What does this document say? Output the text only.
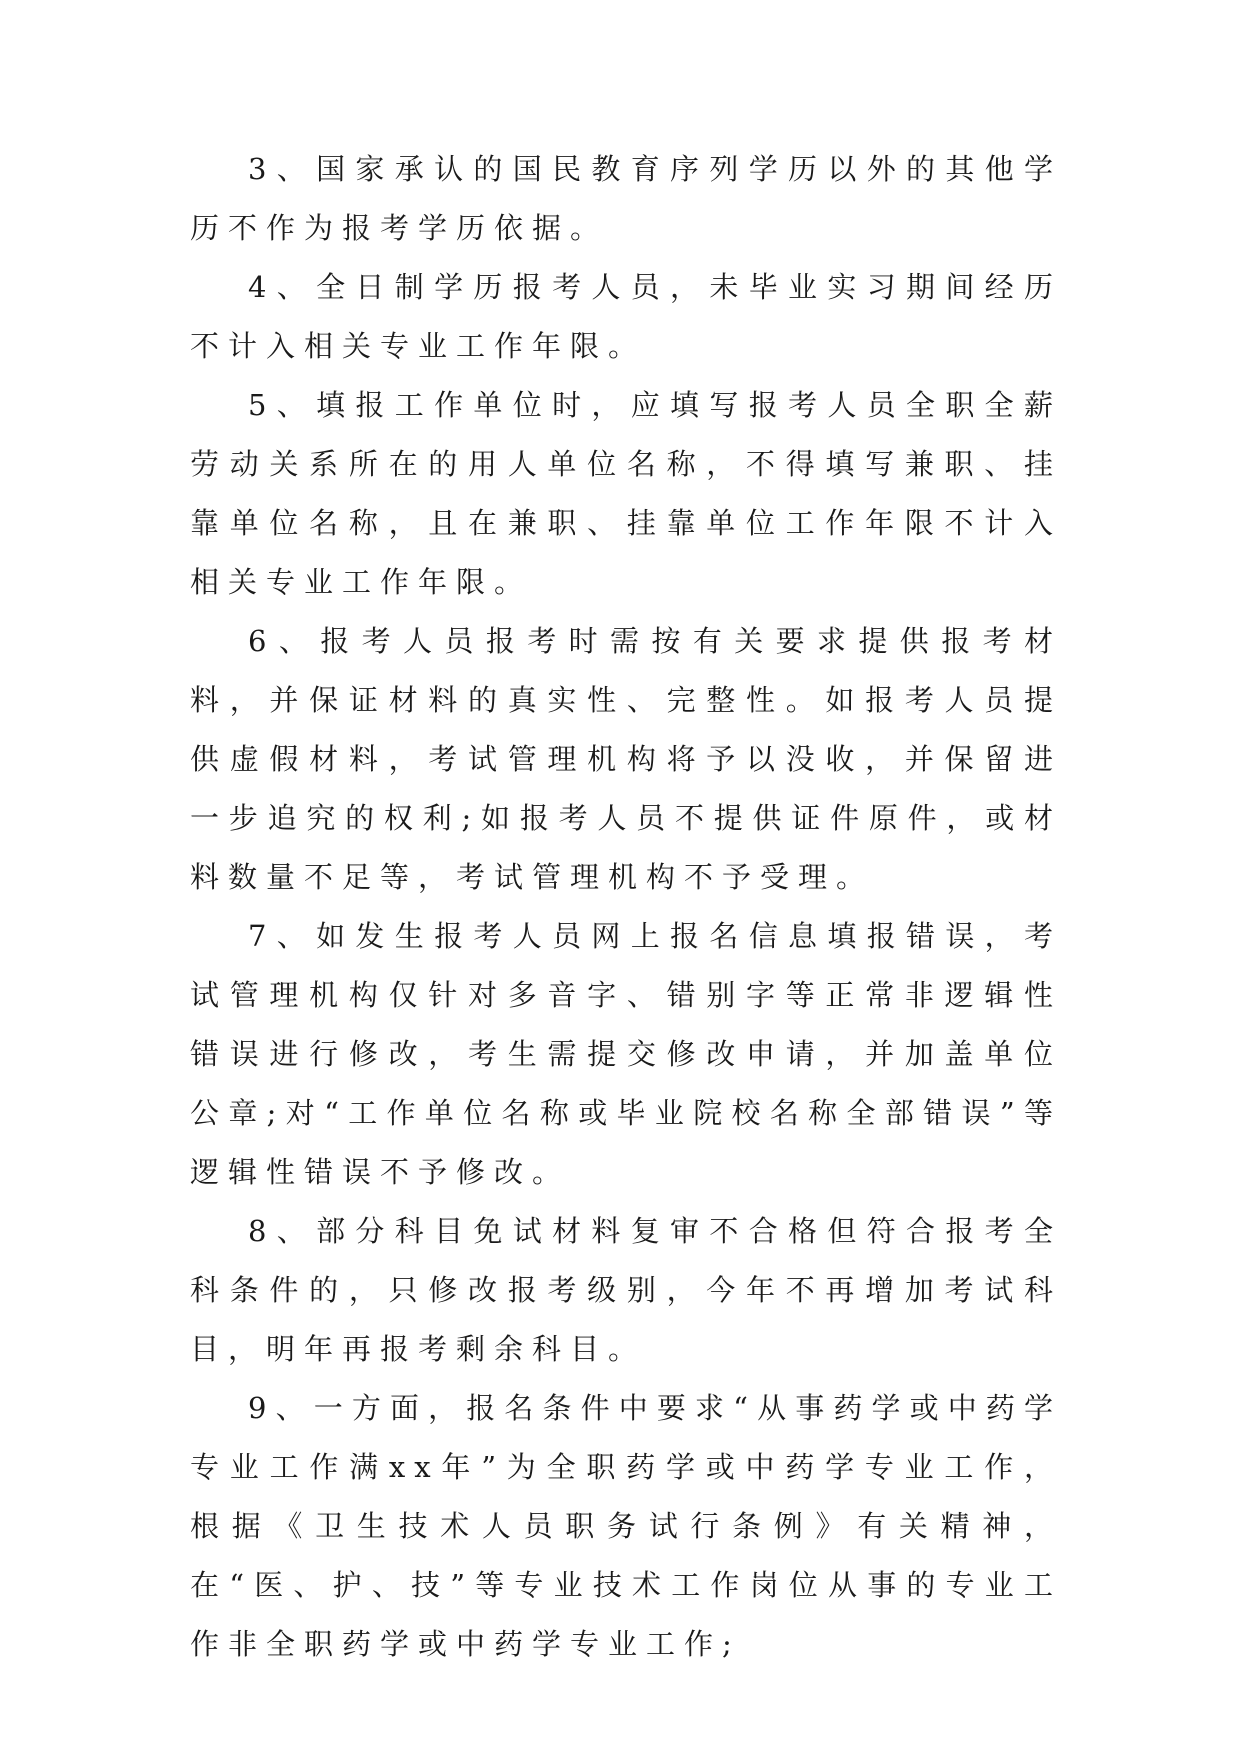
3、国家承认的国民教育序列学历以外的其他学历不作为报考学历依据。

4、全日制学历报考人员，未毕业实习期间经历不计入相关专业工作年限。

5、填报工作单位时，应填写报考人员全职全薪劳动关系所在的用人单位名称，不得填写兼职、挂靠单位名称，且在兼职、挂靠单位工作年限不计入相关专业工作年限。

6、报考人员报考时需按有关要求提供报考材料，并保证材料的真实性、完整性。如报考人员提供虚假材料，考试管理机构将予以没收，并保留进一步追究的权利;如报考人员不提供证件原件，或材料数量不足等，考试管理机构不予受理。

7、如发生报考人员网上报名信息填报错误，考试管理机构仅针对多音字、错别字等正常非逻辑性错误进行修改，考生需提交修改申请，并加盖单位公章;对“工作单位名称或毕业院校名称全部错误”等逻辑性错误不予修改。

8、部分科目免试材料复审不合格但符合报考全科条件的，只修改报考级别，今年不再增加考试科目，明年再报考剩余科目。

9、一方面，报名条件中要求“从事药学或中药学专业工作满xx年”为全职药学或中药学专业工作，根据《卫生技术人员职务试行条例》有关精神，在“医、护、技”等专业技术工作岗位从事的专业工作非全职药学或中药学专业工作;
